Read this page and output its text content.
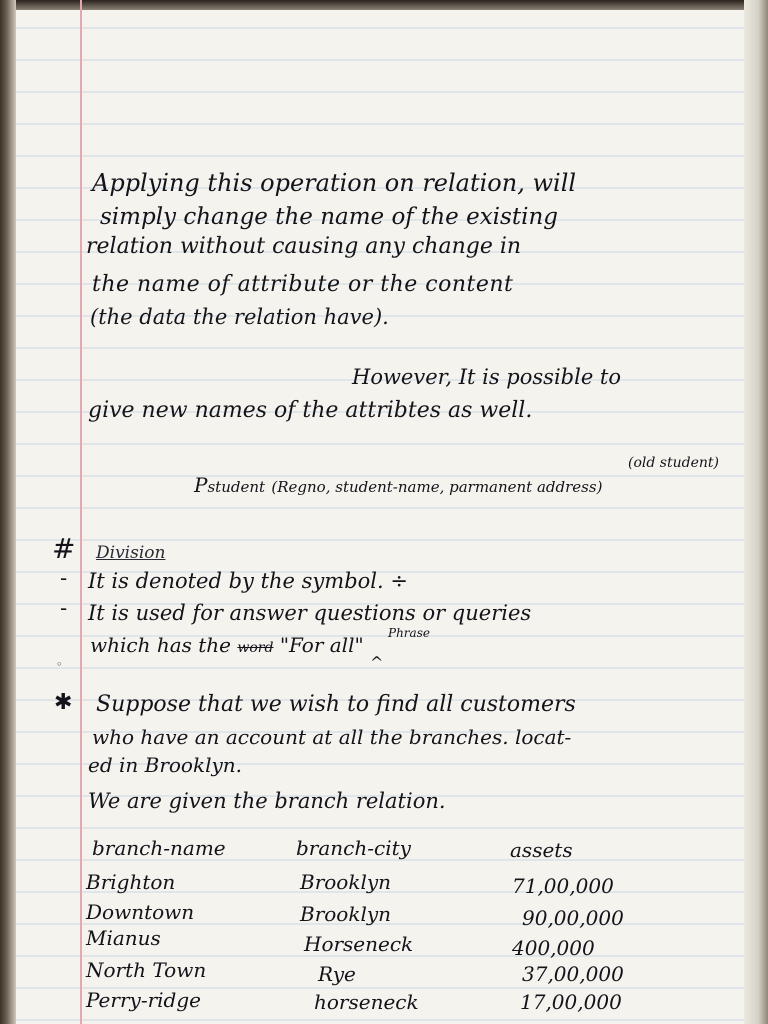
Applying this operation on relation, will
simply change the name of the existing
relation without causing any change in
the name of attribute or the content
(the data the relation have).
However, It is possible to
give new names of the attribtes as well.
(old student)
Pstudent (Regno, student-name, parmanent address)
# Division
- It is denoted by the symbol. ÷
- It is used for answer questions or queries
Phrase
which has the word "For all"
^
◦
✱ Suppose that we wish to find all customers
who have an account at all the branches. locat-
ed in Brooklyn.
We are given the branch relation.
branch-name	branch-city	assets
Brighton	Brooklyn	71,00,000
Downtown	Brooklyn	90,00,000
Mianus	Horseneck	400,000
North Town	Rye	37,00,000
Perry-ridge	horseneck	17,00,000
